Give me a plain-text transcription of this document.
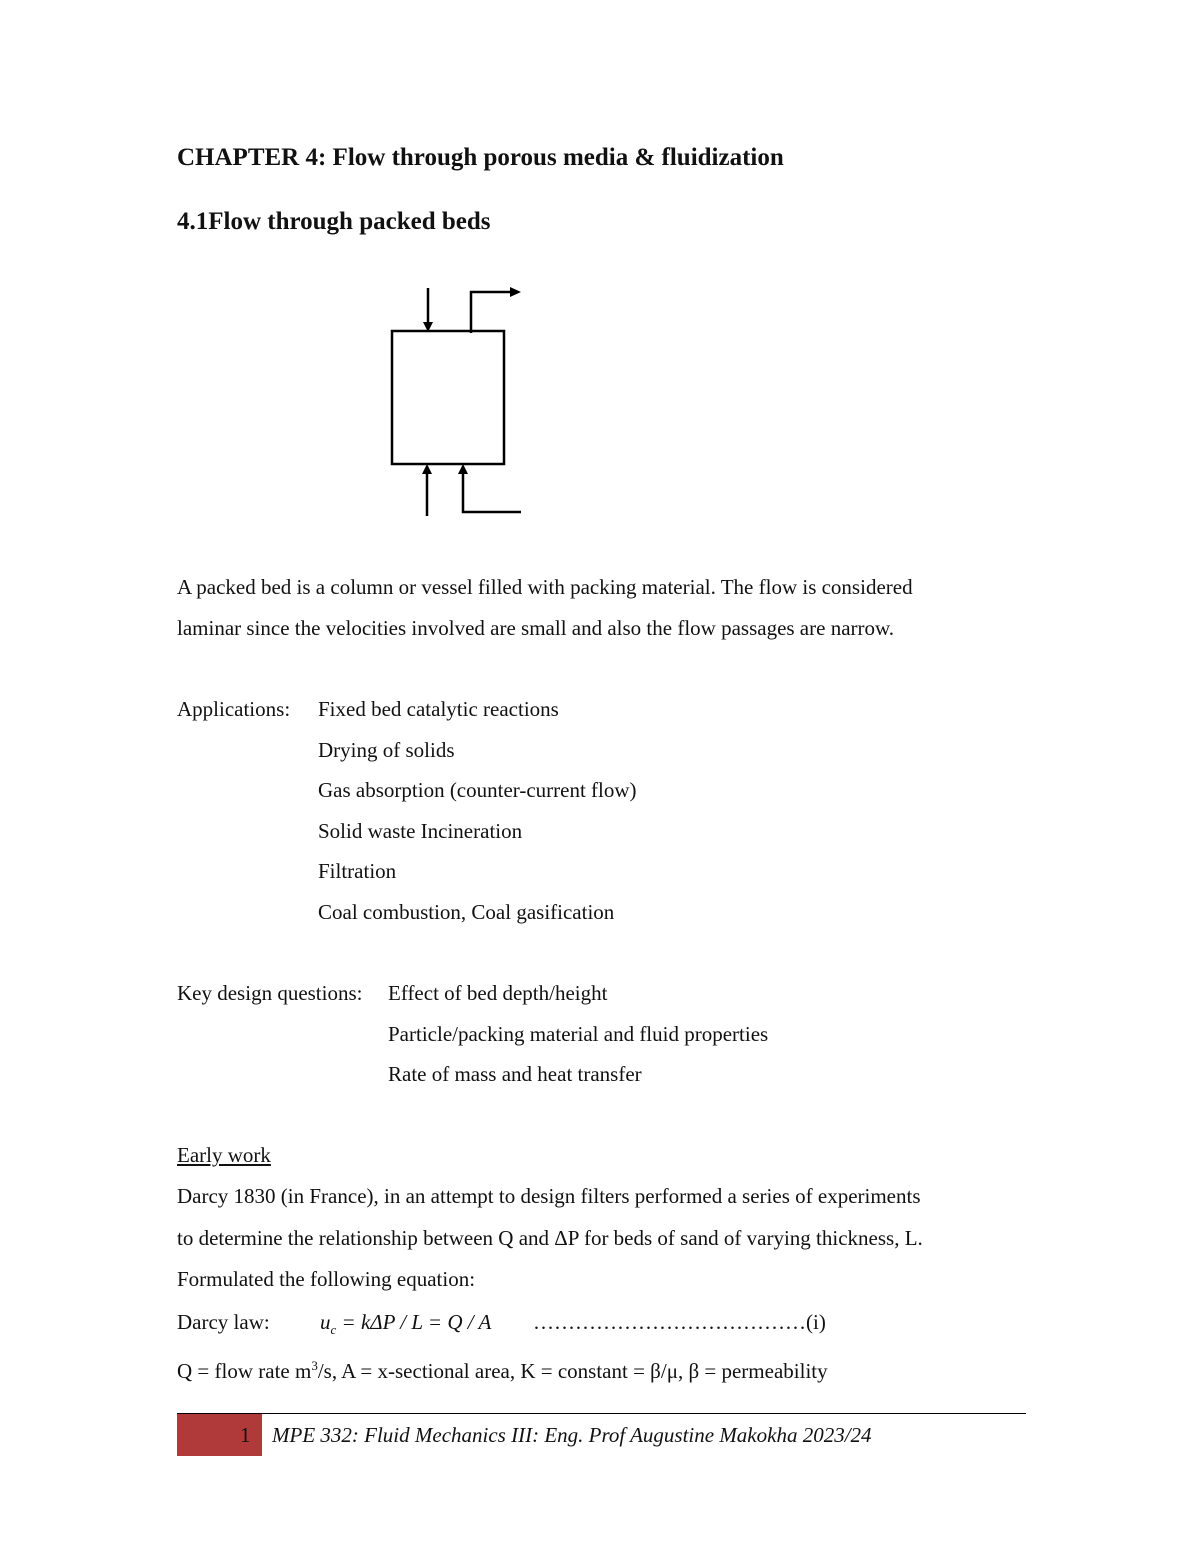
CHAPTER 4: Flow through porous media & fluidization
4.1Flow through packed beds
A packed bed is a column or vessel filled with packing material. The flow is considered
laminar since the velocities involved are small and also the flow passages are narrow.
Applications: Fixed bed catalytic reactions
Drying of solids
Gas absorption (counter-current flow)
Solid waste Incineration
Filtration
Coal combustion, Coal gasification
Key design questions: Effect of bed depth/height
Particle/packing material and fluid properties
Rate of mass and heat transfer
Early work
Darcy 1830 (in France), in an attempt to design filters performed a series of experiments
to determine the relationship between Q and ΔP for beds of sand of varying thickness, L.
Formulated the following equation:
Darcy law: $u_c = k\Delta P / L = Q / A$ …………………………………(i)
Q = flow rate $m^3/s$, A = x-sectional area, K = constant = β/μ, β = permeability
1 MPE 332: Fluid Mechanics III: Eng. Prof Augustine Makokha 2023/24
